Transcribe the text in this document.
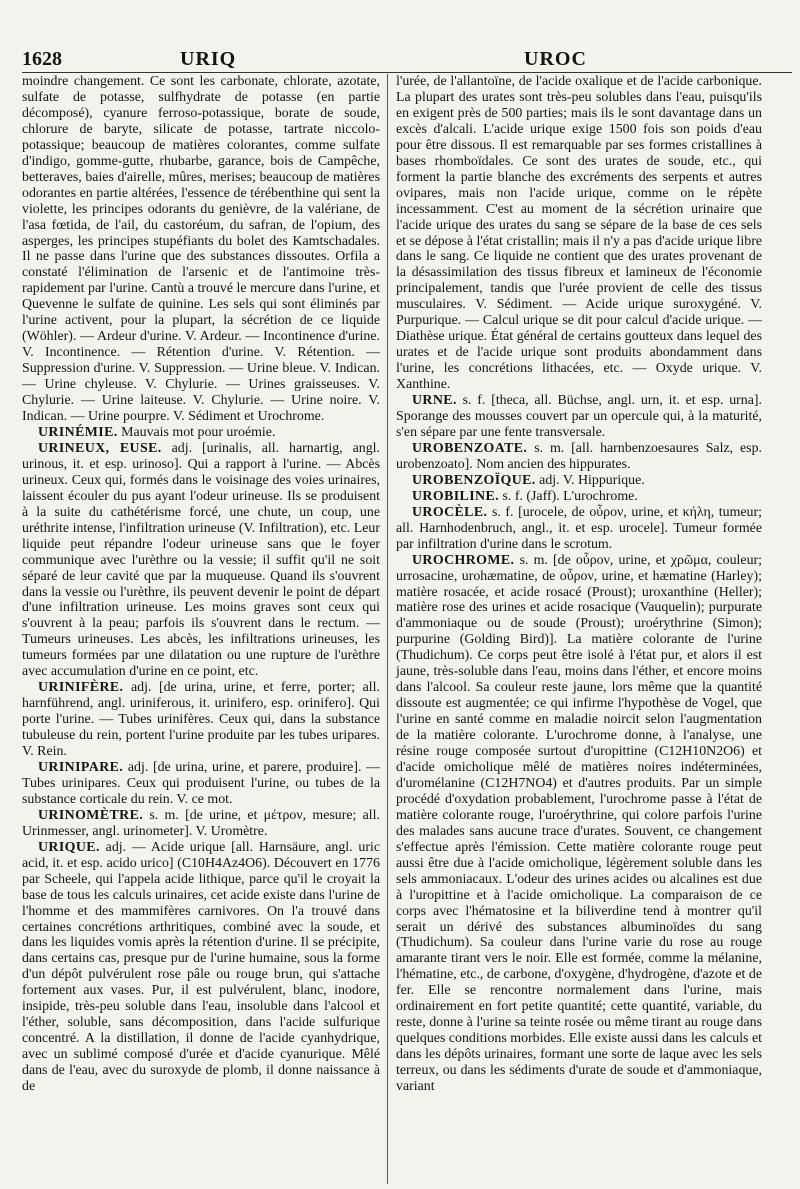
1628	URIQ	UROC

moindre changement. Ce sont les carbonate, chlorate, azotate, sulfate de potasse, sulfhydrate de potasse (en partie décomposé), cyanure ferroso-potassique, borate de soude, chlorure de baryte, silicate de potasse, tartrate niccolo-potassique; beaucoup de matières colorantes, comme sulfate d'indigo, gomme-gutte, rhubarbe, garance, bois de Campêche, betteraves, baies d'airelle, mûres, merises; beaucoup de matières odorantes en partie altérées, l'essence de térébenthine qui sent la violette, les principes odorants du genièvre, de la valériane, de l'asa fœtida, de l'ail, du castoréum, du safran, de l'opium, des asperges, les principes stupéfiants du bolet des Kamtschadales. Il ne passe dans l'urine que des substances dissoutes. Orfila a constaté l'élimination de l'arsenic et de l'antimoine très-rapidement par l'urine. Cantù a trouvé le mercure dans l'urine, et Quevenne le sulfate de quinine. Les sels qui sont éliminés par l'urine activent, pour la plupart, la sécrétion de ce liquide (Wöhler). — Ardeur d'urine. V. Ardeur. — Incontinence d'urine. V. Incontinence. — Rétention d'urine. V. Rétention. — Suppression d'urine. V. Suppression. — Urine bleue. V. Indican. — Urine chyleuse. V. Chylurie. — Urines graisseuses. V. Chylurie. — Urine laiteuse. V. Chylurie. — Urine noire. V. Indican. — Urine pourpre. V. Sédiment et Urochrome.

URINÉMIE. Mauvais mot pour uroémie.

URINEUX, EUSE. adj. [urinalis, all. harnartig, angl. urinous, it. et esp. urinoso]. Qui a rapport à l'urine. — Abcès urineux. Ceux qui, formés dans le voisinage des voies urinaires, laissent écouler du pus ayant l'odeur urineuse. Ils se produisent à la suite du cathétérisme forcé, une chute, un coup, une uréthrite intense, l'infiltration urineuse (V. Infiltration), etc. Leur liquide peut répandre l'odeur urineuse sans que le foyer communique avec l'urèthre ou la vessie; il suffit qu'il ne soit séparé de leur cavité que par la muqueuse. Quand ils s'ouvrent dans la vessie ou l'urèthre, ils peuvent devenir le point de départ d'une infiltration urineuse. Les moins graves sont ceux qui s'ouvrent à la peau; parfois ils s'ouvrent dans le rectum. — Tumeurs urineuses. Les abcès, les infiltrations urineuses, les tumeurs formées par une dilatation ou une rupture de l'urèthre avec accumulation d'urine en ce point, etc.

URINIFÈRE. adj. [de urina, urine, et ferre, porter; all. harnführend, angl. uriniferous, it. urinifero, esp. orinifero]. Qui porte l'urine. — Tubes urinifères. Ceux qui, dans la substance tubuleuse du rein, portent l'urine produite par les tubes uripares. V. Rein.

URINIPARE. adj. [de urina, urine, et parere, produire]. — Tubes urinipares. Ceux qui produisent l'urine, ou tubes de la substance corticale du rein. V. ce mot.

URINOMÈTRE. s. m. [de urine, et μέτρον, mesure; all. Urinmesser, angl. urinometer]. V. Uromètre.

URIQUE. adj. — Acide urique [all. Harnsäure, angl. uric acid, it. et esp. acido urico] (C10H4Az4O6). Découvert en 1776 par Scheele, qui l'appela acide lithique, parce qu'il le croyait la base de tous les calculs urinaires, cet acide existe dans l'urine de l'homme et des mammifères carnivores. On l'a trouvé dans certaines concrétions arthritiques, combiné avec la soude, et dans les liquides vomis après la rétention d'urine. Il se précipite, dans certains cas, presque pur de l'urine humaine, sous la forme d'un dépôt pulvérulent rose pâle ou rouge brun, qui s'attache fortement aux vases. Pur, il est pulvérulent, blanc, inodore, insipide, très-peu soluble dans l'eau, insoluble dans l'alcool et l'éther, soluble, sans décomposition, dans l'acide sulfurique concentré. A la distillation, il donne de l'acide cyanhydrique, avec un sublimé composé d'urée et d'acide cyanurique. Mêlé dans de l'eau, avec du suroxyde de plomb, il donne naissance à de

l'urée, de l'allantoïne, de l'acide oxalique et de l'acide carbonique. La plupart des urates sont très-peu solubles dans l'eau, puisqu'ils en exigent près de 500 parties; mais ils le sont davantage dans un excès d'alcali. L'acide urique exige 1500 fois son poids d'eau pour être dissous. Il est remarquable par ses formes cristallines à bases rhomboïdales. Ce sont des urates de soude, etc., qui forment la partie blanche des excréments des serpents et autres ovipares, mais non l'acide urique, comme on le répète incessamment. C'est au moment de la sécrétion urinaire que l'acide urique des urates du sang se sépare de la base de ces sels et se dépose à l'état cristallin; mais il n'y a pas d'acide urique libre dans le sang. Ce liquide ne contient que des urates provenant de la désassimilation des tissus fibreux et lamineux de l'économie principalement, tandis que l'urée provient de celle des tissus musculaires. V. Sédiment. — Acide urique suroxygéné. V. Purpurique. — Calcul urique se dit pour calcul d'acide urique. — Diathèse urique. État général de certains goutteux dans lequel des urates et de l'acide urique sont produits abondamment dans l'urine, les concrétions lithacées, etc. — Oxyde urique. V. Xanthine.

URNE. s. f. [theca, all. Büchse, angl. urn, it. et esp. urna]. Sporange des mousses couvert par un opercule qui, à la maturité, s'en sépare par une fente transversale.

UROBENZOATE. s. m. [all. harnbenzoesaures Salz, esp. urobenzoato]. Nom ancien des hippurates.

UROBENZOÏQUE. adj. V. Hippurique.

UROBILINE. s. f. (Jaff). L'urochrome.

UROCÈLE. s. f. [urocele, de οὖρον, urine, et κήλη, tumeur; all. Harnhodenbruch, angl., it. et esp. urocele]. Tumeur formée par infiltration d'urine dans le scrotum.

UROCHROME. s. m. [de οὖρον, urine, et χρῶμα, couleur; urrosacine, urohæmatine, de οὖρον, urine, et hæmatine (Harley); matière rosacée, et acide rosacé (Proust); uroxanthine (Heller); matière rose des urines et acide rosacique (Vauquelin); purpurate d'ammoniaque ou de soude (Proust); uroérythrine (Simon); purpurine (Golding Bird)]. La matière colorante de l'urine (Thudichum). Ce corps peut être isolé à l'état pur, et alors il est jaune, très-soluble dans l'eau, moins dans l'éther, et encore moins dans l'alcool. Sa couleur reste jaune, lors même que la quantité dissoute est augmentée; ce qui infirme l'hypothèse de Vogel, que l'urine en santé comme en maladie noircit selon l'augmentation de la matière colorante. L'urochrome donne, à l'analyse, une résine rouge composée surtout d'uropittine (C12H10N2O6) et d'acide omicholique mêlé de matières noires indéterminées, d'uromélanine (C12H7NO4) et d'autres produits. Par un simple procédé d'oxydation probablement, l'urochrome passe à l'état de matière colorante rouge, l'uroérythrine, qui colore parfois l'urine des malades sans aucune trace d'urates. Souvent, ce changement s'effectue après l'émission. Cette matière colorante rouge peut aussi être due à l'acide omicholique, légèrement soluble dans les sels ammoniacaux. L'odeur des urines acides ou alcalines est due à l'uropittine et à l'acide omicholique. La comparaison de ce corps avec l'hématosine et la biliverdine tend à montrer qu'il serait un dérivé des substances albuminoïdes du sang (Thudichum). Sa couleur dans l'urine varie du rose au rouge amarante tirant vers le noir. Elle est formée, comme la mélanine, l'hématine, etc., de carbone, d'oxygène, d'hydrogène, d'azote et de fer. Elle se rencontre normalement dans l'urine, mais ordinairement en fort petite quantité; cette quantité, variable, du reste, donne à l'urine sa teinte rosée ou même tirant au rouge dans quelques conditions morbides. Elle existe aussi dans les calculs et dans les dépôts urinaires, formant une sorte de laque avec les sels terreux, ou dans les sédiments d'urate de soude et d'ammoniaque, variant
